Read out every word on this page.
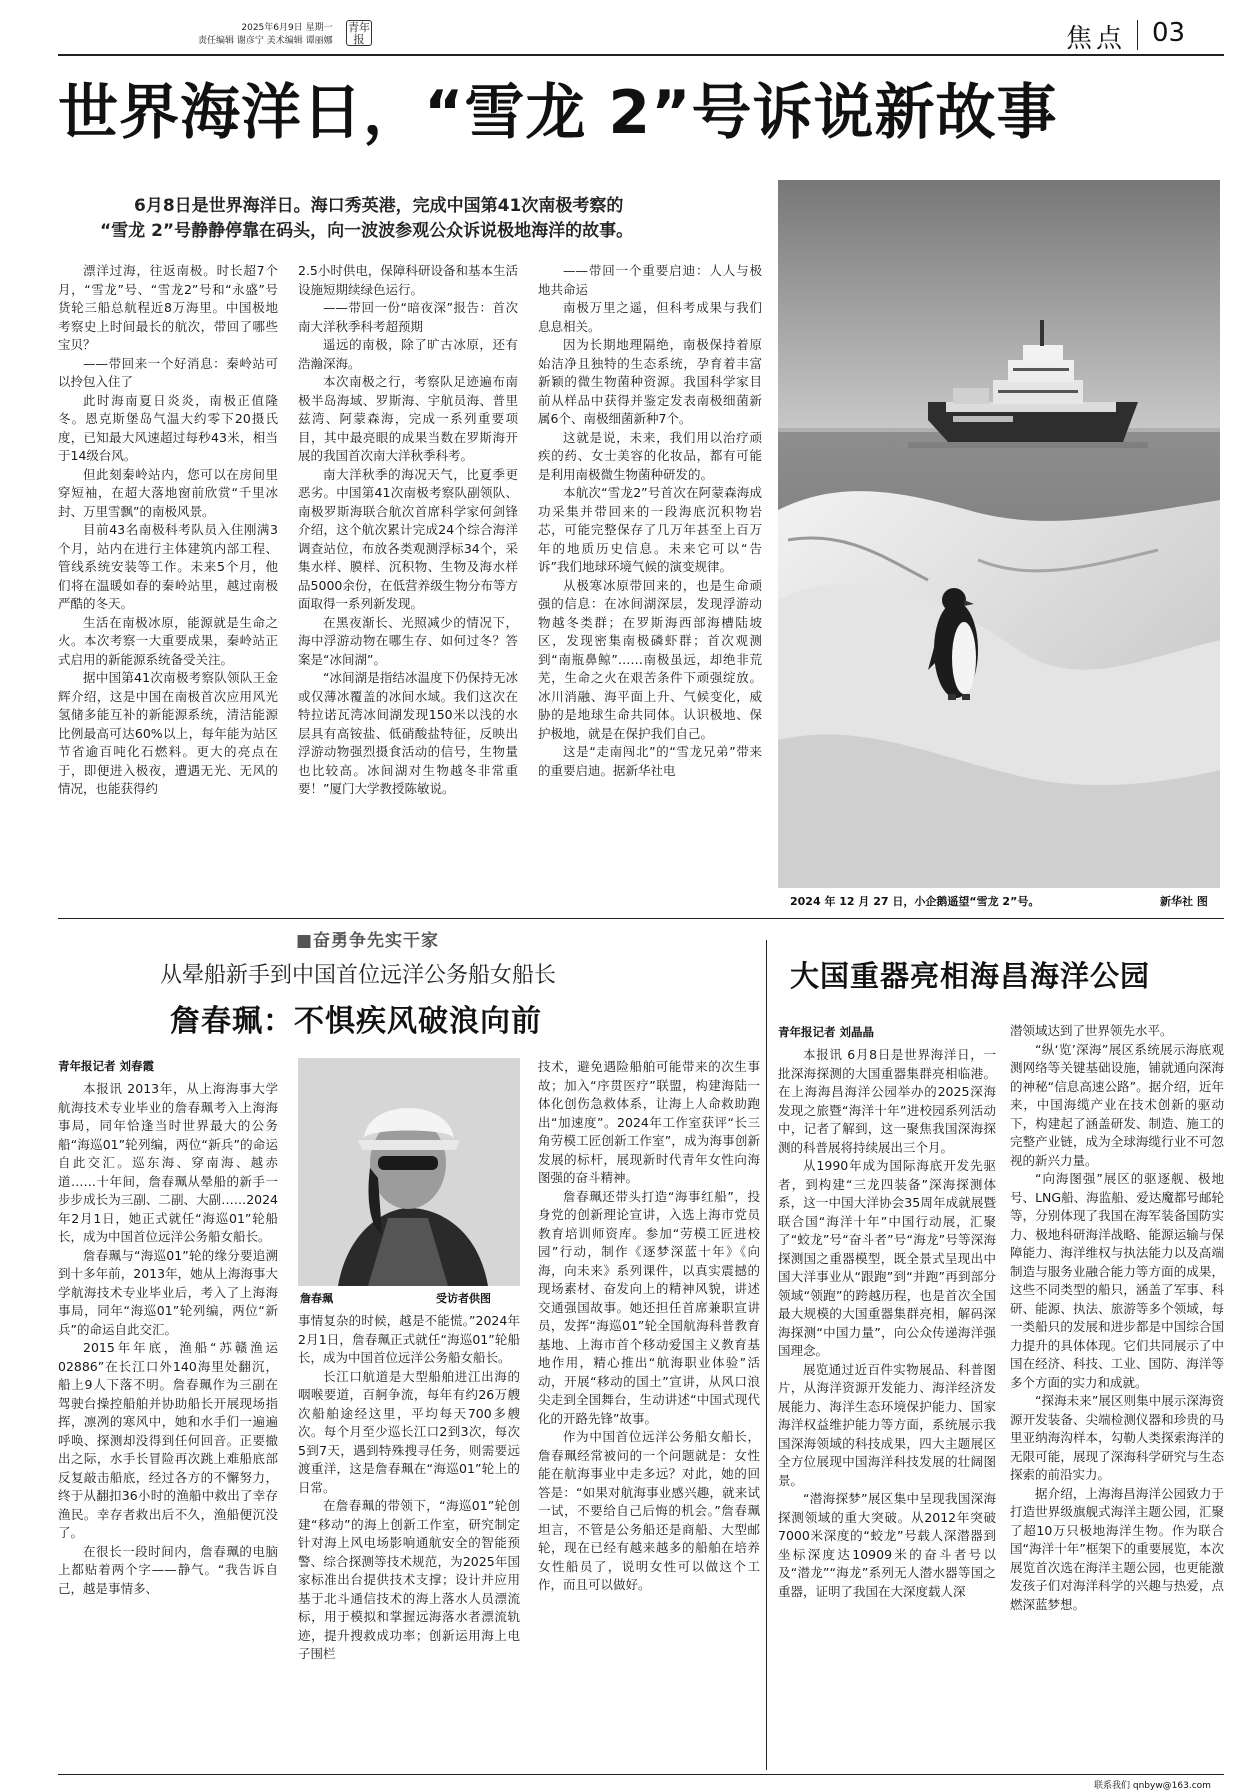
2025年6月9日 星期一
责任编辑 谢彦宁 美术编辑 谭丽娜
青年报	焦点 03
世界海洋日，“雪龙 2”号诉说新故事
6月8日是世界海洋日。海口秀英港，完成中国第41次南极考察的
“雪龙 2”号静静停靠在码头，向一波波参观公众诉说极地海洋的故事。

漂洋过海，往返南极。时长超7个月，“雪龙”号、“雪龙2”号和“永盛”号货轮三船总航程近8万海里。中国极地考察史上时间最长的航次，带回了哪些宝贝？

——带回来一个好消息：秦岭站可以拎包入住了

此时海南夏日炎炎，南极正值隆冬。恩克斯堡岛气温大约零下20摄氏度，已知最大风速超过每秒43米，相当于14级台风。

但此刻秦岭站内，您可以在房间里穿短袖，在超大落地窗前欣赏“千里冰封、万里雪飘”的南极风景。

目前43名南极科考队员入住刚满3个月，站内在进行主体建筑内部工程、管线系统安装等工作。未来5个月，他们将在温暖如春的秦岭站里，越过南极严酷的冬天。

生活在南极冰原，能源就是生命之火。本次考察一大重要成果，秦岭站正式启用的新能源系统备受关注。

据中国第41次南极考察队领队王金辉介绍，这是中国在南极首次应用风光氢储多能互补的新能源系统，清洁能源比例最高可达60%以上，每年能为站区节省逾百吨化石燃料。更大的亮点在于，即便进入极夜，遭遇无光、无风的情况，也能获得约

2.5小时供电，保障科研设备和基本生活设施短期续绿色运行。

——带回一份“暗夜深”报告：首次南大洋秋季科考超预期

遥远的南极，除了旷古冰原，还有浩瀚深海。

本次南极之行，考察队足迹遍布南极半岛海域、罗斯海、宇航员海、普里兹湾、阿蒙森海，完成一系列重要项目，其中最亮眼的成果当数在罗斯海开展的我国首次南大洋秋季科考。

南大洋秋季的海况天气，比夏季更恶劣。中国第41次南极考察队副领队、南极罗斯海联合航次首席科学家何剑锋介绍，这个航次累计完成24个综合海洋调查站位，布放各类观测浮标34个，采集水样、膜样、沉积物、生物及海水样品5000余份，在低营养级生物分布等方面取得一系列新发现。

在黑夜渐长、光照减少的情况下，海中浮游动物在哪生存、如何过冬？答案是“冰间湖”。

“冰间湖是指结冰温度下仍保持无冰或仅薄冰覆盖的冰间水域。我们这次在特拉诺瓦湾冰间湖发现150米以浅的水层具有高铵盐、低硝酸盐特征，反映出浮游动物强烈摄食活动的信号，生物量也比较高。冰间湖对生物越冬非常重要！”厦门大学教授陈敏说。

——带回一个重要启迪：人人与极地共命运

南极万里之遥，但科考成果与我们息息相关。

因为长期地理隔绝，南极保持着原始洁净且独特的生态系统，孕育着丰富新颖的微生物菌种资源。我国科学家目前从样品中获得并鉴定发表南极细菌新属6个、南极细菌新种7个。

这就是说，未来，我们用以治疗顽疾的药、女士美容的化妆品，都有可能是利用南极微生物菌种研发的。

本航次“雪龙2”号首次在阿蒙森海成功采集并带回来的一段海底沉积物岩芯，可能完整保存了几万年甚至上百万年的地质历史信息。未来它可以“告诉”我们地球环境气候的演变规律。

从极寒冰原带回来的，也是生命顽强的信息：在冰间湖深层，发现浮游动物越冬类群；在罗斯海西部海槽陆坡区，发现密集南极磷虾群；首次观测到“南瓶鼻鲸”……南极虽远，却绝非荒芜，生命之火在艰苦条件下顽强绽放。冰川消融、海平面上升、气候变化，威胁的是地球生命共同体。认识极地、保护极地，就是在保护我们自己。

这是“走南闯北”的“雪龙兄弟”带来的重要启迪。据新华社电

2024 年 12 月 27 日，小企鹅遥望“雪龙 2”号。	新华社 图
■奋勇争先实干家
从晕船新手到中国首位远洋公务船女船长
詹春珮：不惧疾风破浪向前
青年报记者 刘春霞

本报讯 2013年，从上海海事大学航海技术专业毕业的詹春珮考入上海海事局，同年恰逢当时世界最大的公务船“海巡01”轮列编，两位“新兵”的命运自此交汇。巡东海、穿南海、越赤道……十年间，詹春珮从晕船的新手一步步成长为三副、二副、大副……2024年2月1日，她正式就任“海巡01”轮船长，成为中国首位远洋公务船女船长。

詹春珮与“海巡01”轮的缘分要追溯到十多年前，2013年，她从上海海事大学航海技术专业毕业后，考入了上海海事局，同年“海巡01”轮列编，两位“新兵”的命运自此交汇。

2015年年底，渔船“苏赣渔运02886”在长江口外140海里处翻沉，船上9人下落不明。詹春珮作为三副在驾驶台操控船舶并协助船长开展现场指挥，凛冽的寒风中，她和水手们一遍遍呼唤、探测却没得到任何回音。正要撤出之际，水手长冒险再次跳上难船底部反复敲击船底，经过各方的不懈努力，终于从翻扣36小时的渔船中救出了幸存渔民。幸存者救出后不久，渔船便沉没了。

在很长一段时间内，詹春珮的电脑上都贴着两个字——静气。“我告诉自己，越是事情多、

詹春珮	受访者供图

事情复杂的时候，越是不能慌。”2024年2月1日，詹春珮正式就任“海巡01”轮船长，成为中国首位远洋公务船女船长。

长江口航道是大型船舶进江出海的咽喉要道，百舸争流，每年有约26万艘次船舶途经这里，平均每天700多艘次。每个月至少巡长江口2到3次，每次5到7天，遇到特殊搜寻任务，则需要远渡重洋，这是詹春珮在“海巡01”轮上的日常。

在詹春珮的带领下，“海巡01”轮创建“移动”的海上创新工作室，研究制定针对海上风电场影响通航安全的智能预警、综合探测等技术规范，为2025年国家标准出台提供技术支撑；设计并应用基于北斗通信技术的海上落水人员漂流标，用于模拟和掌握远海落水者漂流轨迹，提升搜救成功率；创新运用海上电子围栏

技术，避免遇险船舶可能带来的次生事故；加入“序贯医疗”联盟，构建海陆一体化创伤急救体系，让海上人命救助跑出“加速度”。2024年工作室获评“长三角劳模工匠创新工作室”，成为海事创新发展的标杆，展现新时代青年女性向海图强的奋斗精神。

詹春珮还带头打造“海事红船”，投身党的创新理论宣讲，入选上海市党员教育培训师资库。参加“劳模工匠进校园”行动，制作《逐梦深蓝十年》《向海，向未来》系列课件，以真实震撼的现场素材、奋发向上的精神风貌，讲述交通强国故事。她还担任首席兼职宣讲员，发挥“海巡01”轮全国航海科普教育基地、上海市首个移动爱国主义教育基地作用，精心推出“航海职业体验”活动，开展“移动的国土”宣讲，从风口浪尖走到全国舞台，生动讲述“中国式现代化的开路先锋”故事。

作为中国首位远洋公务船女船长，詹春珮经常被问的一个问题就是：女性能在航海事业中走多远？对此，她的回答是：“如果对航海事业感兴趣，就来试一试，不要给自己后悔的机会。”詹春珮坦言，不管是公务船还是商船、大型邮轮，现在已经有越来越多的船舶在培养女性船员了，说明女性可以做这个工作，而且可以做好。

大国重器亮相海昌海洋公园
青年报记者 刘晶晶

本报讯 6月8日是世界海洋日，一批深海探测的大国重器集群亮相临港。在上海海昌海洋公园举办的2025深海发现之旅暨“海洋十年”进校园系列活动中，记者了解到，这一聚焦我国深海探测的科普展将持续展出三个月。

从1990年成为国际海底开发先驱者，到构建“三龙四装备”深海探测体系，这一中国大洋协会35周年成就展暨联合国“海洋十年”中国行动展，汇聚了“蛟龙”号“奋斗者”号“海龙”号等深海探测国之重器模型，既全景式呈现出中国大洋事业从“跟跑”到“并跑”再到部分领域“领跑”的跨越历程，也是首次全国最大规模的大国重器集群亮相，解码深海探测“中国力量”，向公众传递海洋强国理念。

展览通过近百件实物展品、科普图片，从海洋资源开发能力、海洋经济发展能力、海洋生态环境保护能力、国家海洋权益维护能力等方面，系统展示我国深海领域的科技成果，四大主题展区全方位展现中国海洋科技发展的壮阔图景。

“潜海探梦”展区集中呈现我国深海探测领域的重大突破。从2012年突破7000米深度的“蛟龙”号载人深潜器到坐标深度达10909米的奋斗者号以及“潜龙”“海龙”系列无人潜水器等国之重器，证明了我国在大深度载人深

潜领域达到了世界领先水平。

“纵‘览’深海”展区系统展示海底观测网络等关键基础设施，铺就通向深海的神秘“信息高速公路”。据介绍，近年来，中国海缆产业在技术创新的驱动下，构建起了涵盖研发、制造、施工的完整产业链，成为全球海缆行业不可忽视的新兴力量。

“向海图强”展区的驱逐舰、极地号、LNG船、海监船、爱达魔都号邮轮等，分别体现了我国在海军装备国防实力、极地科研海洋战略、能源运输与保障能力、海洋维权与执法能力以及高端制造与服务业融合能力等方面的成果，这些不同类型的船只，涵盖了军事、科研、能源、执法、旅游等多个领域，每一类船只的发展和进步都是中国综合国力提升的具体体现。它们共同展示了中国在经济、科技、工业、国防、海洋等多个方面的实力和成就。

“探海未来”展区则集中展示深海资源开发装备、尖端检测仪器和珍贵的马里亚纳海沟样本，勾勒人类探索海洋的无限可能，展现了深海科学研究与生态探索的前沿实力。

据介绍，上海海昌海洋公园致力于打造世界级旗舰式海洋主题公园，汇聚了超10万只极地海洋生物。作为联合国“海洋十年”框架下的重要展览，本次展览首次选在海洋主题公园，也更能激发孩子们对海洋科学的兴趣与热爱，点燃深蓝梦想。

联系我们 qnbyw@163.com
